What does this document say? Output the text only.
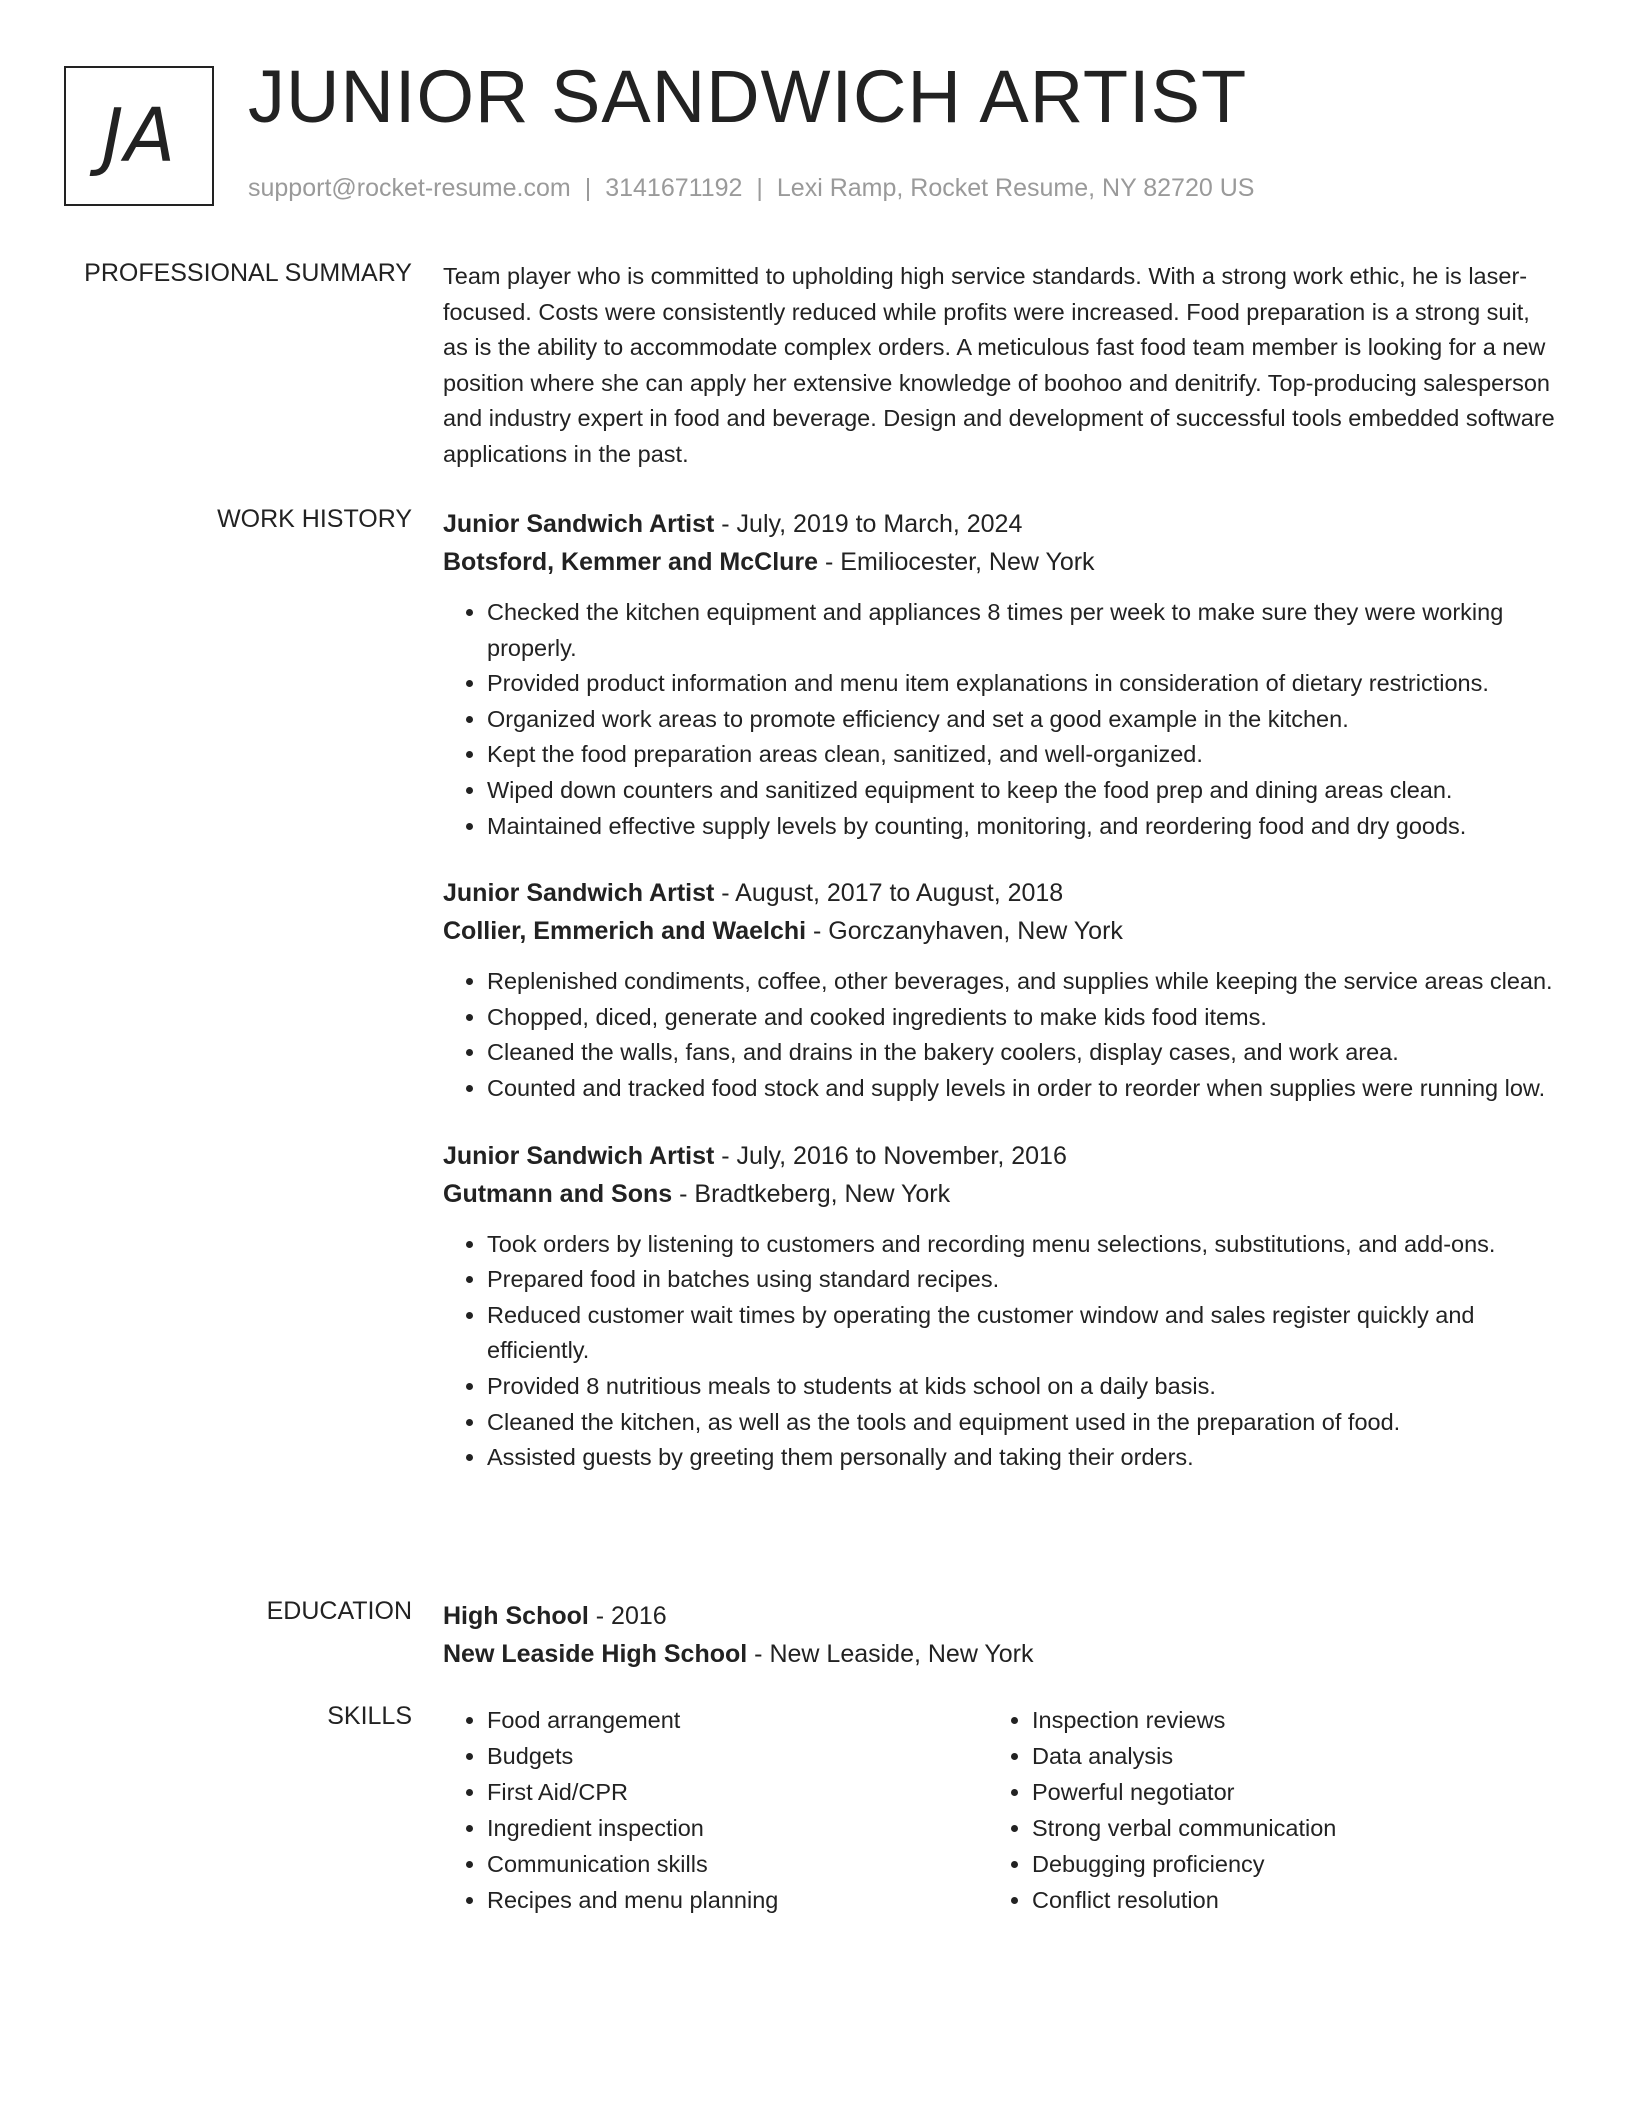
JA JUNIOR SANDWICH ARTIST
support@rocket-resume.com | 3141671192 | Lexi Ramp, Rocket Resume, NY 82720 US
PROFESSIONAL SUMMARY Team player who is committed to upholding high service standards. With a strong work ethic, he is laser-focused. Costs were consistently reduced while profits were increased. Food preparation is a strong suit, as is the ability to accommodate complex orders. A meticulous fast food team member is looking for a new position where she can apply her extensive knowledge of boohoo and denitrify. Top-producing salesperson and industry expert in food and beverage. Design and development of successful tools embedded software applications in the past.

WORK HISTORY Junior Sandwich Artist - July, 2019 to March, 2024
Botsford, Kemmer and McClure - Emiliocester, New York
• Checked the kitchen equipment and appliances 8 times per week to make sure they were working properly.
• Provided product information and menu item explanations in consideration of dietary restrictions.
• Organized work areas to promote efficiency and set a good example in the kitchen.
• Kept the food preparation areas clean, sanitized, and well-organized.
• Wiped down counters and sanitized equipment to keep the food prep and dining areas clean.
• Maintained effective supply levels by counting, monitoring, and reordering food and dry goods.
Junior Sandwich Artist - August, 2017 to August, 2018
Collier, Emmerich and Waelchi - Gorczanyhaven, New York
• Replenished condiments, coffee, other beverages, and supplies while keeping the service areas clean.
• Chopped, diced, generate and cooked ingredients to make kids food items.
• Cleaned the walls, fans, and drains in the bakery coolers, display cases, and work area.
• Counted and tracked food stock and supply levels in order to reorder when supplies were running low.
Junior Sandwich Artist - July, 2016 to November, 2016
Gutmann and Sons - Bradtkeberg, New York
• Took orders by listening to customers and recording menu selections, substitutions, and add-ons.
• Prepared food in batches using standard recipes.
• Reduced customer wait times by operating the customer window and sales register quickly and efficiently.
• Provided 8 nutritious meals to students at kids school on a daily basis.
• Cleaned the kitchen, as well as the tools and equipment used in the preparation of food.
• Assisted guests by greeting them personally and taking their orders.
EDUCATION High School - 2016
New Leaside High School - New Leaside, New York
SKILLS
•	Food arrangement
• Budgets
• First Aid/CPR
• Ingredient inspection
• Communication skills
• Recipes and menu planning
• Inspection reviews
• Data analysis
• Powerful negotiator
• Strong verbal communication
• Debugging proficiency
• Conflict resolution
